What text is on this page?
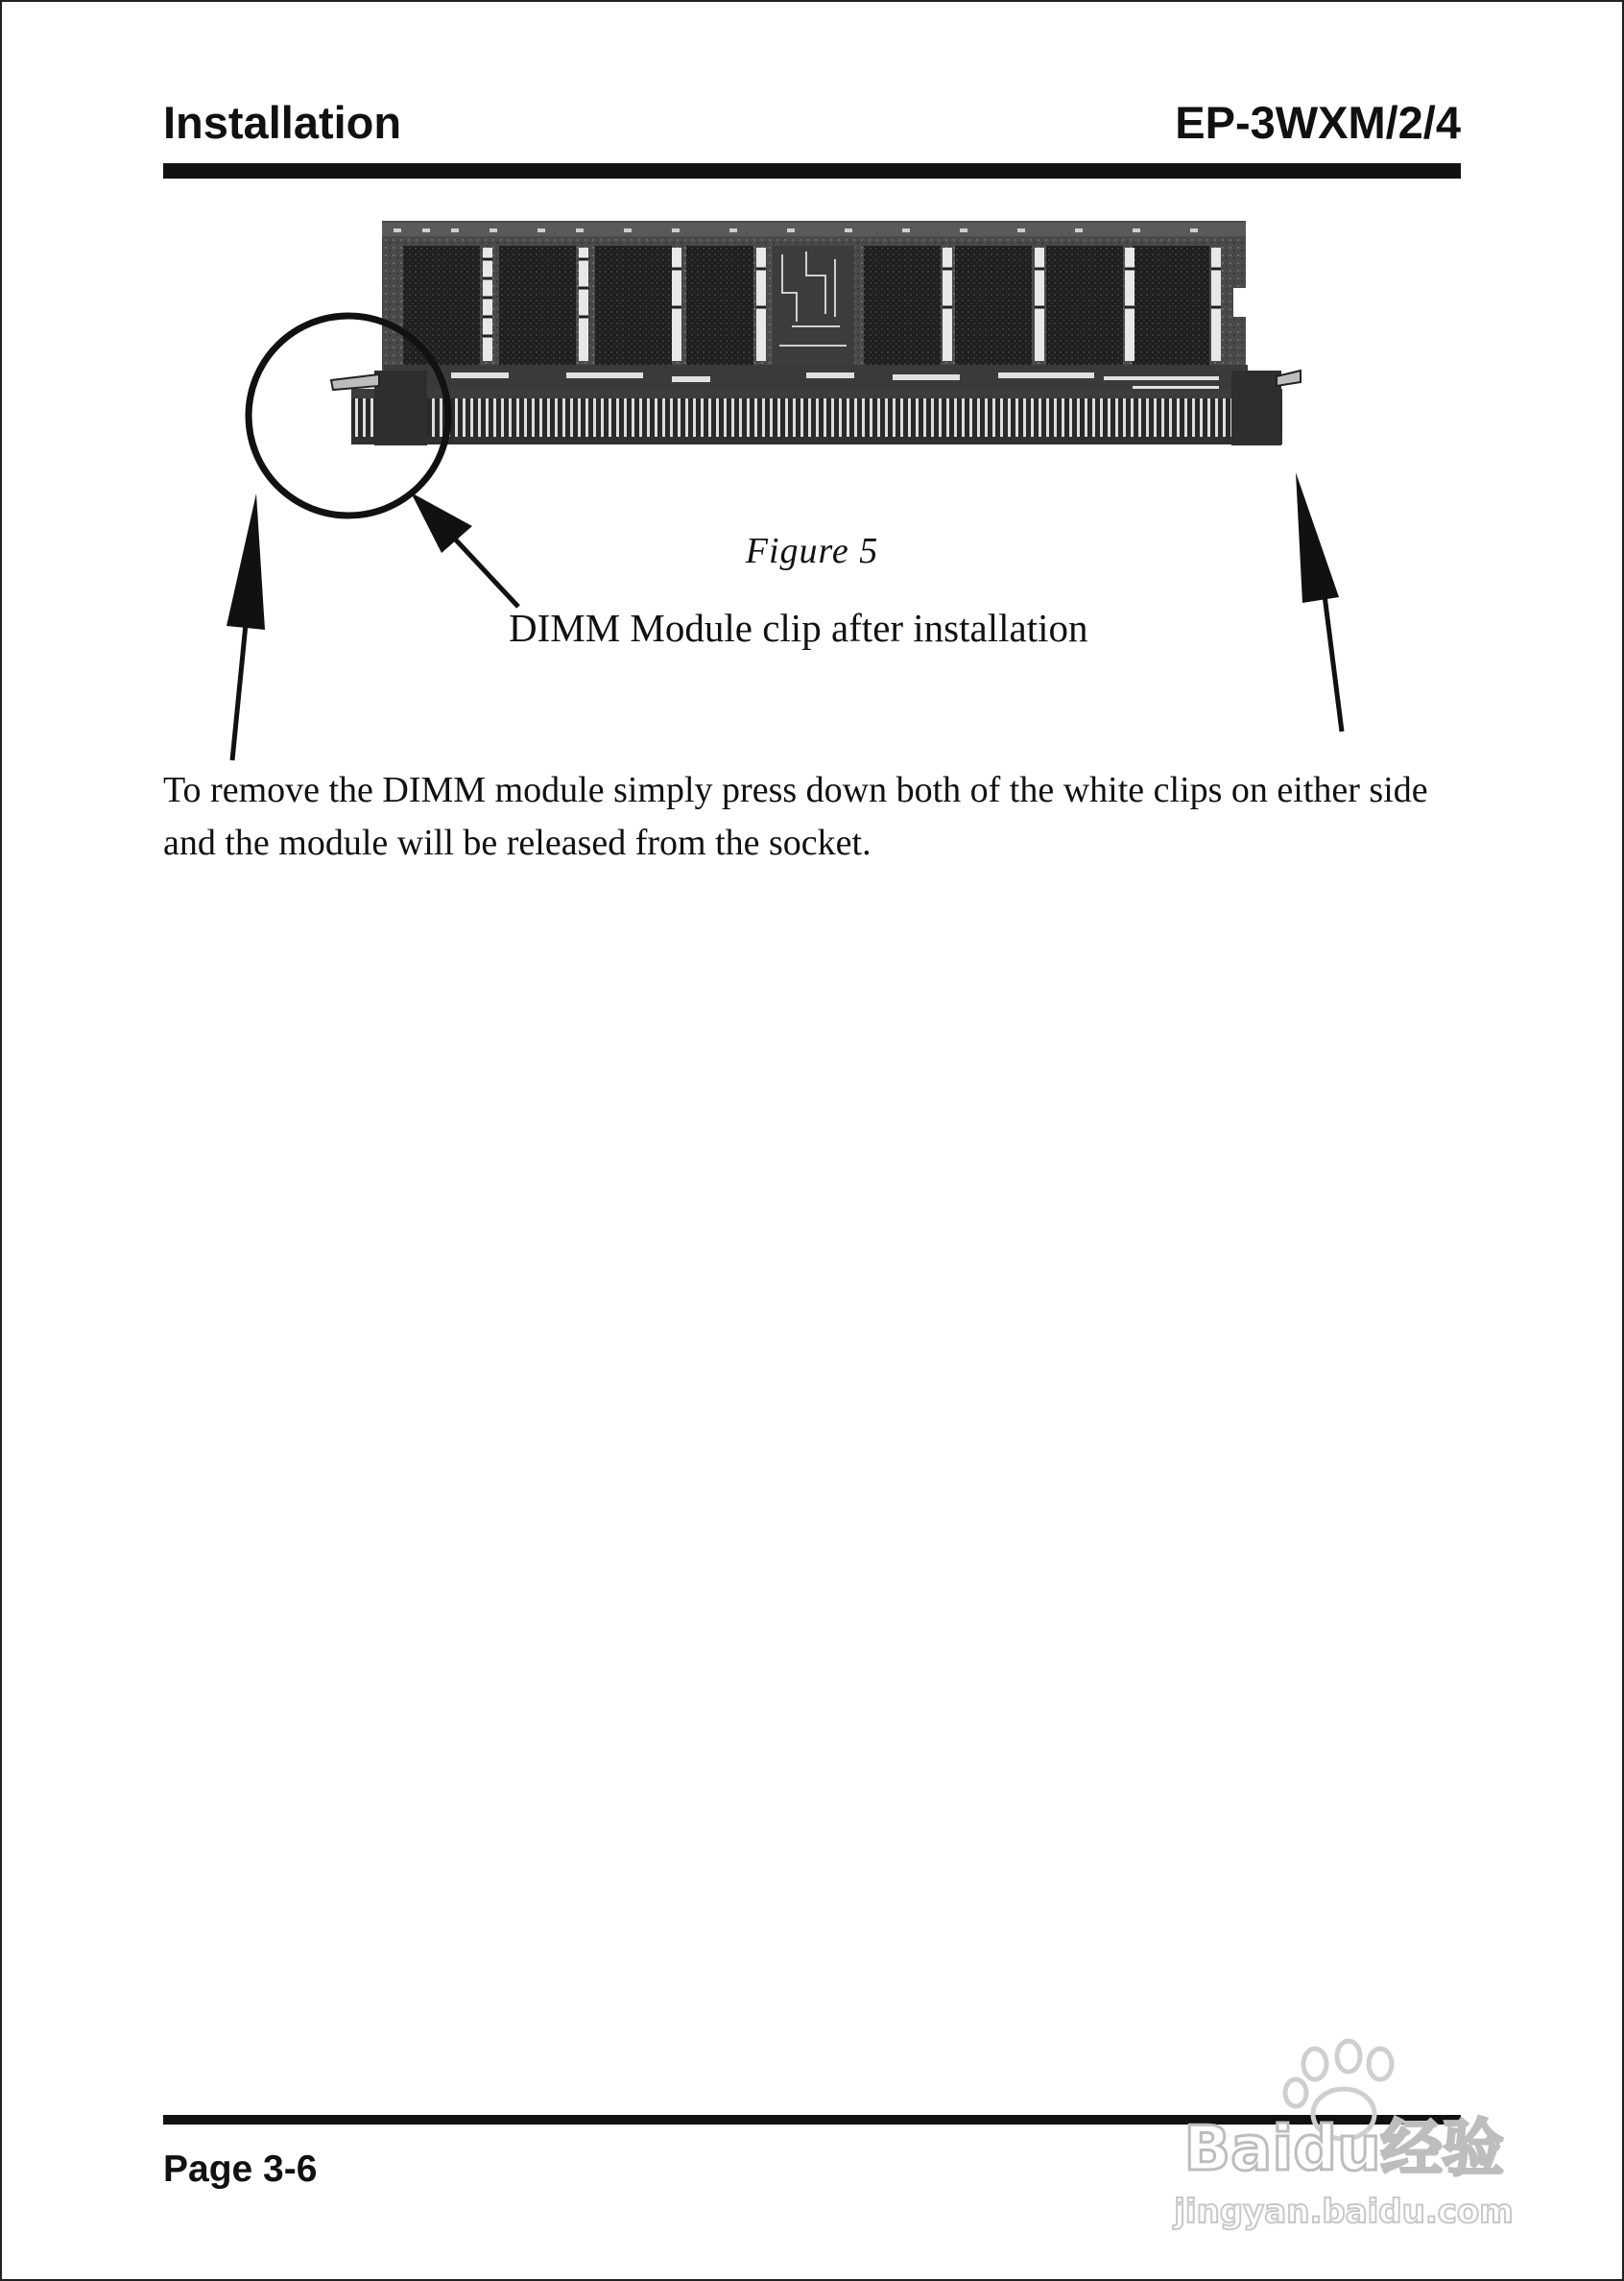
Installation	EP-3WXM/2/4
Figure 5
DIMM Module clip after installation

To remove the DIMM module simply press down both of the white clips on either side and the module will be released from the socket.

Page 3-6	Baidu经验
jingyan.baidu.com
